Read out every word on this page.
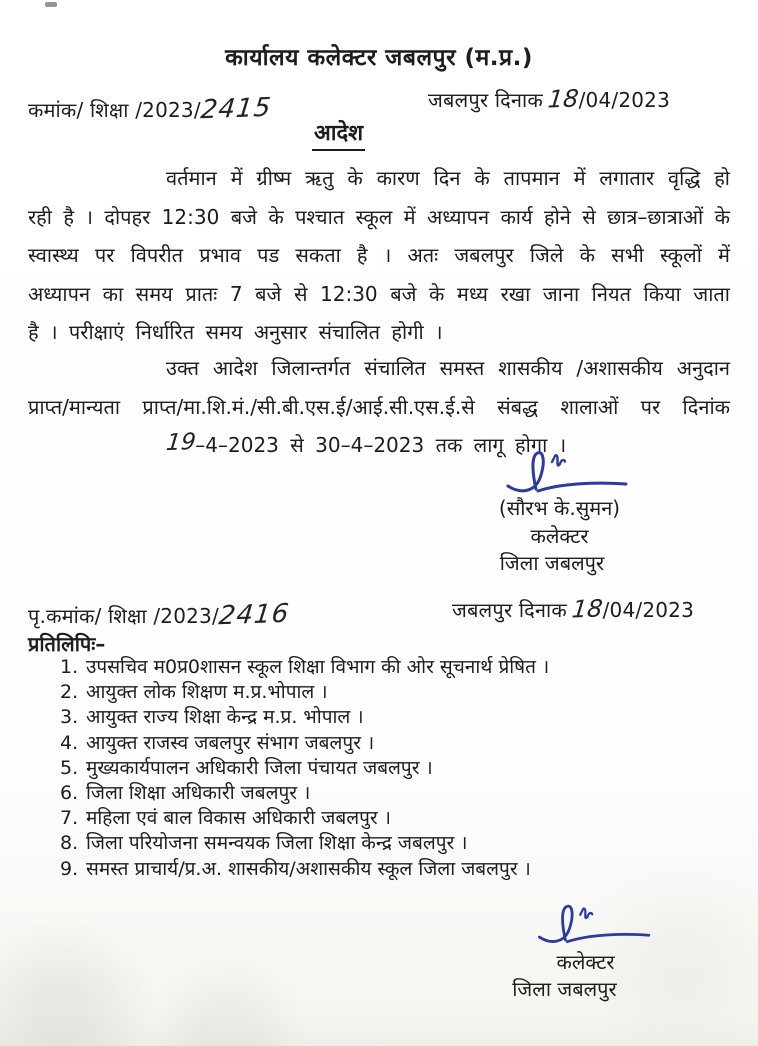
कार्यालय कलेक्टर जबलपुर (म.प्र.)
कमांक/ शिक्षा /2023/2415	जबलपुर दिनाक 18/04/2023
आदेश
वर्तमान में ग्रीष्म ऋतु के कारण दिन के तापमान में लगातार वृद्धि हो रही है । दोपहर 12:30 बजे के पश्चात स्कूल में अध्यापन कार्य होने से छात्र–छात्राओं के स्वास्थ्य पर विपरीत प्रभाव पड सकता है । अतः जबलपुर जिले के सभी स्कूलों में अध्यापन का समय प्रातः 7 बजे से 12:30 बजे के मध्य रखा जाना नियत किया जाता है । परीक्षाएं निर्धारित समय अनुसार संचालित होगी ।
उक्त आदेश जिलान्तर्गत संचालित समस्त शासकीय /अशासकीय अनुदान प्राप्त/मान्यता प्राप्त/मा.शि.मं./सी.बी.एस.ई/आई.सी.एस.ई.से संबद्ध शालाओं पर दिनांक 19–4–2023 से 30–4–2023 तक लागू होगा ।
(सौरभ के.सुमन)
कलेक्टर
जिला जबलपुर
पृ.कमांक/ शिक्षा /2023/2416	जबलपुर दिनाक 18/04/2023
प्रतिलिपिः–
1. उपसचिव म0प्र0शासन स्कूल शिक्षा विभाग की ओर सूचनार्थ प्रेषित ।
2. आयुक्त लोक शिक्षण म.प्र.भोपाल ।
3. आयुक्त राज्य शिक्षा केन्द्र म.प्र. भोपाल ।
4. आयुक्त राजस्व जबलपुर संभाग जबलपुर ।
5. मुख्यकार्यपालन अधिकारी जिला पंचायत जबलपुर ।
6. जिला शिक्षा अधिकारी जबलपुर ।
7. महिला एवं बाल विकास अधिकारी जबलपुर ।
8. जिला परियोजना समन्वयक जिला शिक्षा केन्द्र जबलपुर ।
9. समस्त प्राचार्य/प्र.अ. शासकीय/अशासकीय स्कूल जिला जबलपुर ।
कलेक्टर
जिला जबलपुर
